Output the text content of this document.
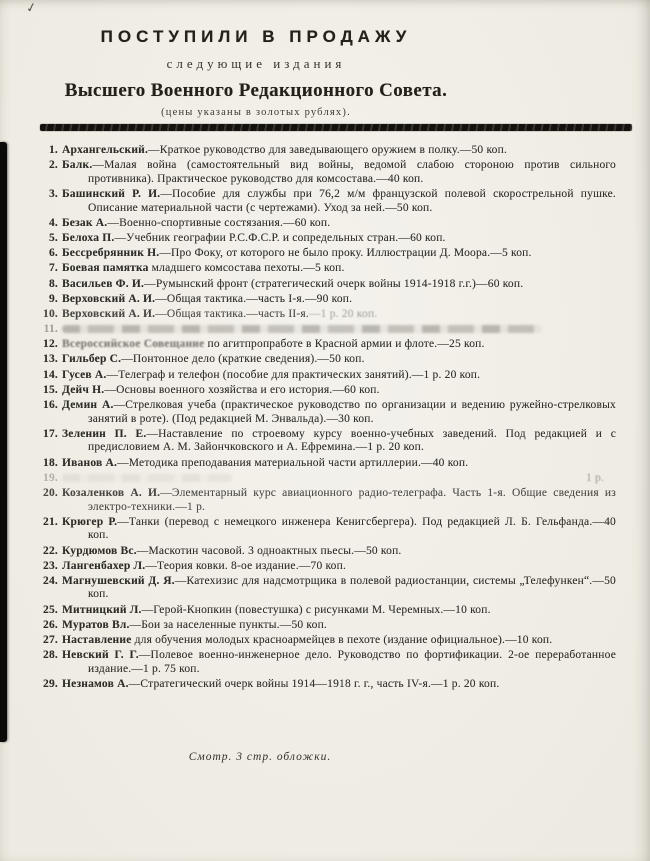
✓
ПОСТУПИЛИ В ПРОДАЖУ
следующие издания
Высшего Военного Редакционного Совета.
(цены указаны в золотых рублях).
1. Архангельский.—Краткое руководство для заведывающего оружием в полку.—50 коп.
2. Балк.—Малая война (самостоятельный вид войны, ведомой слабою стороною против сильного противника). Практическое руководство для комсостава.—40 коп.
3. Башинский Р. И.—Пособие для службы при 76,2 м/м французской полевой скорострельной пушке. Описание материальной части (с чертежами). Уход за ней.—50 коп.
4. Безак А.—Военно-спортивные состязания.—60 коп.
5. Белоха П.—Учебник географии Р.С.Ф.С.Р. и сопредельных стран.—60 коп.
6. Бессребрянник Н.—Про Фоку, от которого не было проку. Иллюстрации Д. Моора.—5 коп.
7. Боевая памятка младшего комсостава пехоты.—5 коп.
8. Васильев Ф. И.—Румынский фронт (стратегический очерк войны 1914-1918 г.г.)—60 коп.
9. Верховский А. И.—Общая тактика.—часть I-я.—90 коп.
10. Верховский А. И.—Общая тактика.—часть II-я.—1 р. 20 коп.
11.
12. Всероссийское Совещание по агитпропработе в Красной армии и флоте.—25 коп.
13. Гильбер С.—Понтонное дело (краткие сведения).—50 коп.
14. Гусев А.—Телеграф и телефон (пособие для практических занятий).—1 р. 20 коп.
15. Дейч Н.—Основы военного хозяйства и его история.—60 коп.
16. Демин А.—Стрелковая учеба (практическое руководство по организации и ведению ружейно-стрелковых занятий в роте). (Под редакцией М. Энвальда).—30 коп.
17. Зеленин П. Е.—Наставление по строевому курсу военно-учебных заведений. Под редакцией и с предисловием А. М. Зайончковского и А. Ефремина.—1 р. 20 коп.
18. Иванов А.—Методика преподавания материальной части артиллерии.—40 коп.
19.	1 р.
20. Козаленков А. И.—Элементарный курс авиационного радио-телеграфа. Часть 1-я. Общие сведения из электро-техники.—1 р.
21. Крюгер Р.—Танки (перевод с немецкого инженера Кенигсбергера). Под редакцией Л. Б. Гельфанда.—40 коп.
22. Курдюмов Вс.—Маскотин часовой. 3 одноактных пьесы.—50 коп.
23. Лангенбахер Л.—Теория ковки. 8-ое издание.—70 коп.
24. Магнушевский Д. Я.—Катехизис для надсмотрщика в полевой радиостанции, системы „Телефункен“.—50 коп.
25. Митницкий Л.—Герой-Кнопкин (повестушка) с рисунками М. Черемных.—10 коп.
26. Муратов Вл.—Бои за населенные пункты.—50 коп.
27. Наставление для обучения молодых красноармейцев в пехоте (издание официальное).—10 коп.
28. Невский Г. Г.—Полевое военно-инженерное дело. Руководство по фортификации. 2-ое переработанное издание.—1 р. 75 коп.
29. Незнамов А.—Стратегический очерк войны 1914—1918 г. г., часть IV-я.—1 р. 20 коп.
Смотр. 3 стр. обложки.
